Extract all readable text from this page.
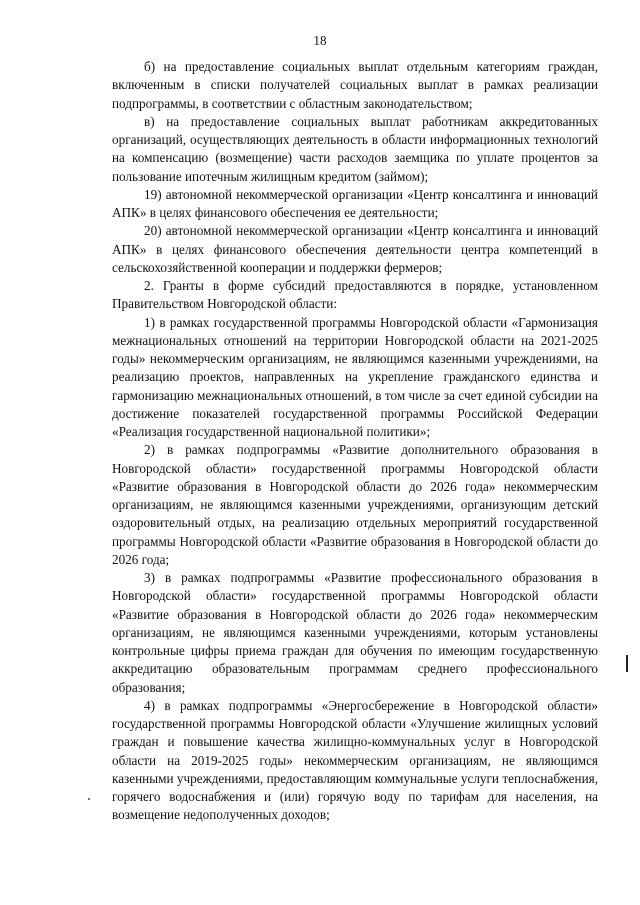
18

б) на предоставление социальных выплат отдельным категориям граждан, включенным в списки получателей социальных выплат в рамках реализации подпрограммы, в соответствии с областным законодательством;

в) на предоставление социальных выплат работникам аккредитованных организаций, осуществляющих деятельность в области информационных технологий на компенсацию (возмещение) части расходов заемщика по уплате процентов за пользование ипотечным жилищным кредитом (займом);

19) автономной некоммерческой организации «Центр консалтинга и инноваций АПК» в целях финансового обеспечения ее деятельности;

20) автономной некоммерческой организации «Центр консалтинга и инноваций АПК» в целях финансового обеспечения деятельности центра компетенций в сельскохозяйственной кооперации и поддержки фермеров;

2. Гранты в форме субсидий предоставляются в порядке, установленном Правительством Новгородской области:

1) в рамках государственной программы Новгородской области «Гармонизация межнациональных отношений на территории Новгородской области на 2021-2025 годы» некоммерческим организациям, не являющимся казенными учреждениями, на реализацию проектов, направленных на укрепление гражданского единства и гармонизацию межнациональных отношений, в том числе за счет единой субсидии на достижение показателей государственной программы Российской Федерации «Реализация государственной национальной политики»;

2) в рамках подпрограммы «Развитие дополнительного образования в Новгородской области» государственной программы Новгородской области «Развитие образования в Новгородской области до 2026 года» некоммерческим организациям, не являющимся казенными учреждениями, организующим детский оздоровительный отдых, на реализацию отдельных мероприятий государственной программы Новгородской области «Развитие образования в Новгородской области до 2026 года;

3) в рамках подпрограммы «Развитие профессионального образования в Новгородской области» государственной программы Новгородской области «Развитие образования в Новгородской области до 2026 года» некоммерческим организациям, не являющимся казенными учреждениями, которым установлены контрольные цифры приема граждан для обучения по имеющим государственную аккредитацию образовательным программам среднего профессионального образования;

4) в рамках подпрограммы «Энергосбережение в Новгородской области» государственной программы Новгородской области «Улучшение жилищных условий граждан и повышение качества жилищно-коммунальных услуг в Новгородской области на 2019-2025 годы» некоммерческим организациям, не являющимся казенными учреждениями, предоставляющим коммунальные услуги теплоснабжения, горячего водоснабжения и (или) горячую воду по тарифам для населения, на возмещение недополученных доходов;
